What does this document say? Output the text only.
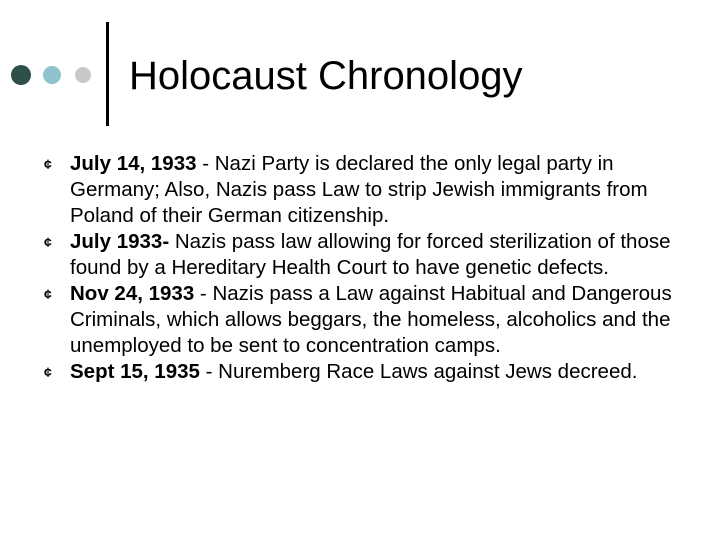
Holocaust Chronology
¢ July 14, 1933 - Nazi Party is declared the only legal party in Germany; Also, Nazis pass Law to strip Jewish immigrants from Poland of their German citizenship.
¢ July 1933- Nazis pass law allowing for forced sterilization of those found by a Hereditary Health Court to have genetic defects.
¢ Nov 24, 1933 - Nazis pass a Law against Habitual and Dangerous Criminals, which allows beggars, the homeless, alcoholics and the unemployed to be sent to concentration camps.
¢ Sept 15, 1935 - Nuremberg Race Laws against Jews decreed.
